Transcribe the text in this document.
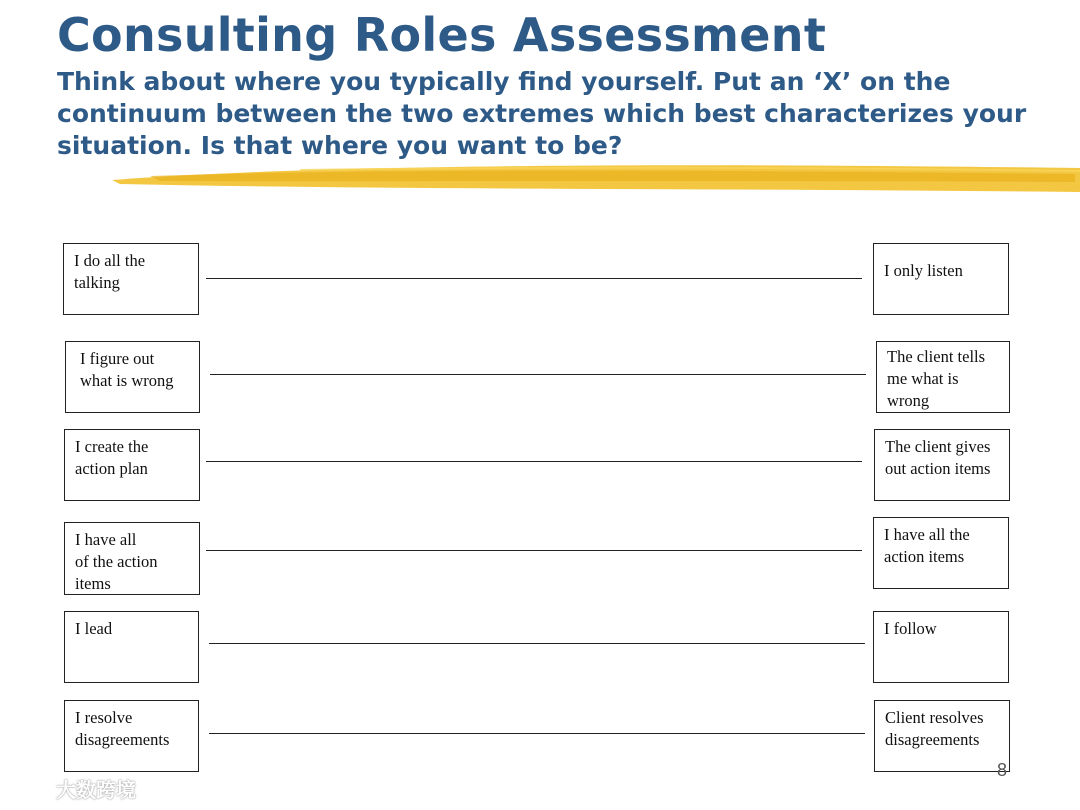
Consulting Roles Assessment

Think about where you typically find yourself. Put an ‘X’ on the continuum between the two extremes which best characterizes your situation. Is that where you want to be?

I do all the
talking
I only listen
I figure out
what is wrong
The client tells
me what is
wrong
I create the
action plan
The client gives
out action items
I have all
of the action
items
I have all the
action items
I lead	I follow
I resolve
disagreements
Client resolves
disagreements
8
大数跨境
